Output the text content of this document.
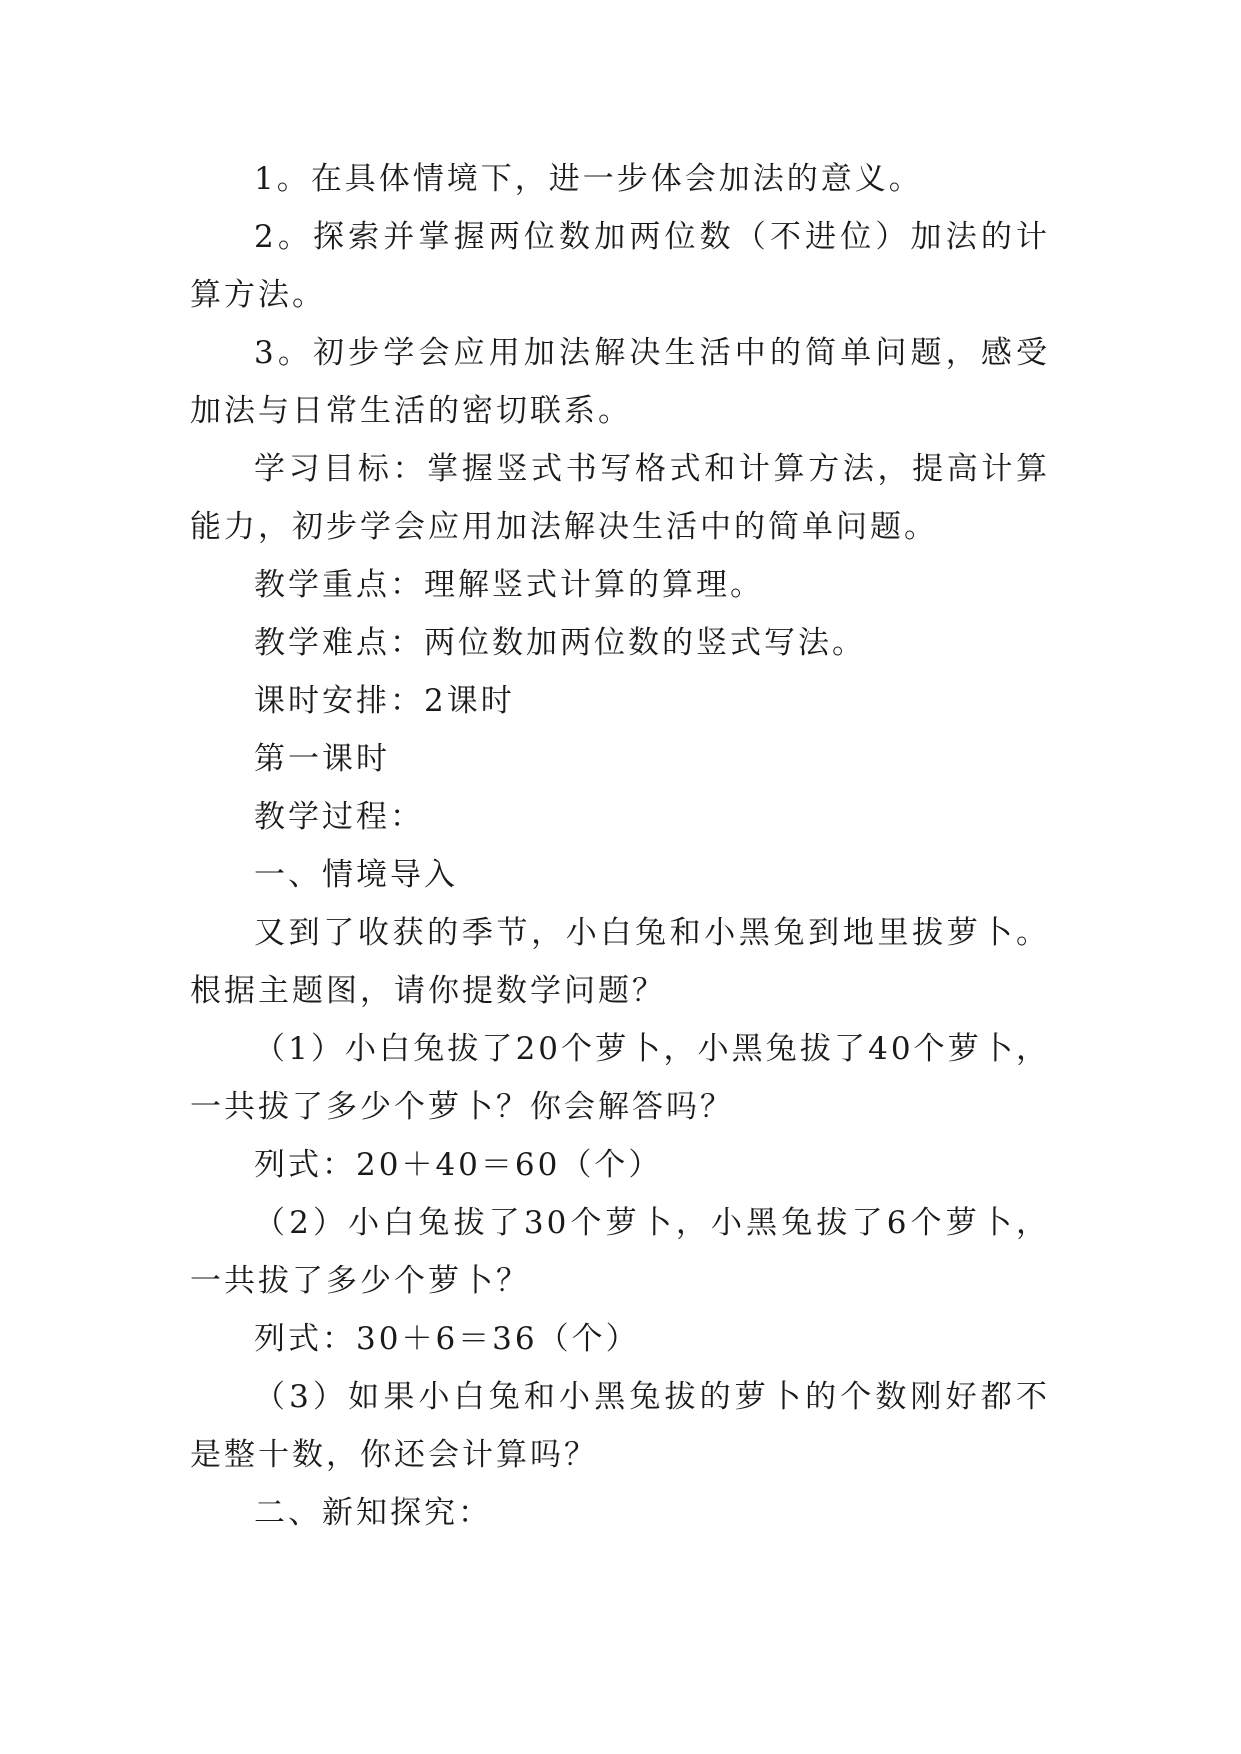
1。在具体情境下，进一步体会加法的意义。

2。探索并掌握两位数加两位数（不进位）加法的计算方法。

3。初步学会应用加法解决生活中的简单问题，感受加法与日常生活的密切联系。

学习目标：掌握竖式书写格式和计算方法，提高计算能力，初步学会应用加法解决生活中的简单问题。

教学重点：理解竖式计算的算理。

教学难点：两位数加两位数的竖式写法。

课时安排：2课时

第一课时

教学过程：

一、情境导入

又到了收获的季节，小白兔和小黑兔到地里拔萝卜。根据主题图，请你提数学问题？

（1）小白兔拔了20个萝卜，小黑兔拔了40个萝卜，一共拔了多少个萝卜？你会解答吗？

列式：20＋40＝60（个）

（2）小白兔拔了30个萝卜，小黑兔拔了6个萝卜，一共拔了多少个萝卜？

列式：30＋6＝36（个）

（3）如果小白兔和小黑兔拔的萝卜的个数刚好都不是整十数，你还会计算吗？

二、新知探究：
